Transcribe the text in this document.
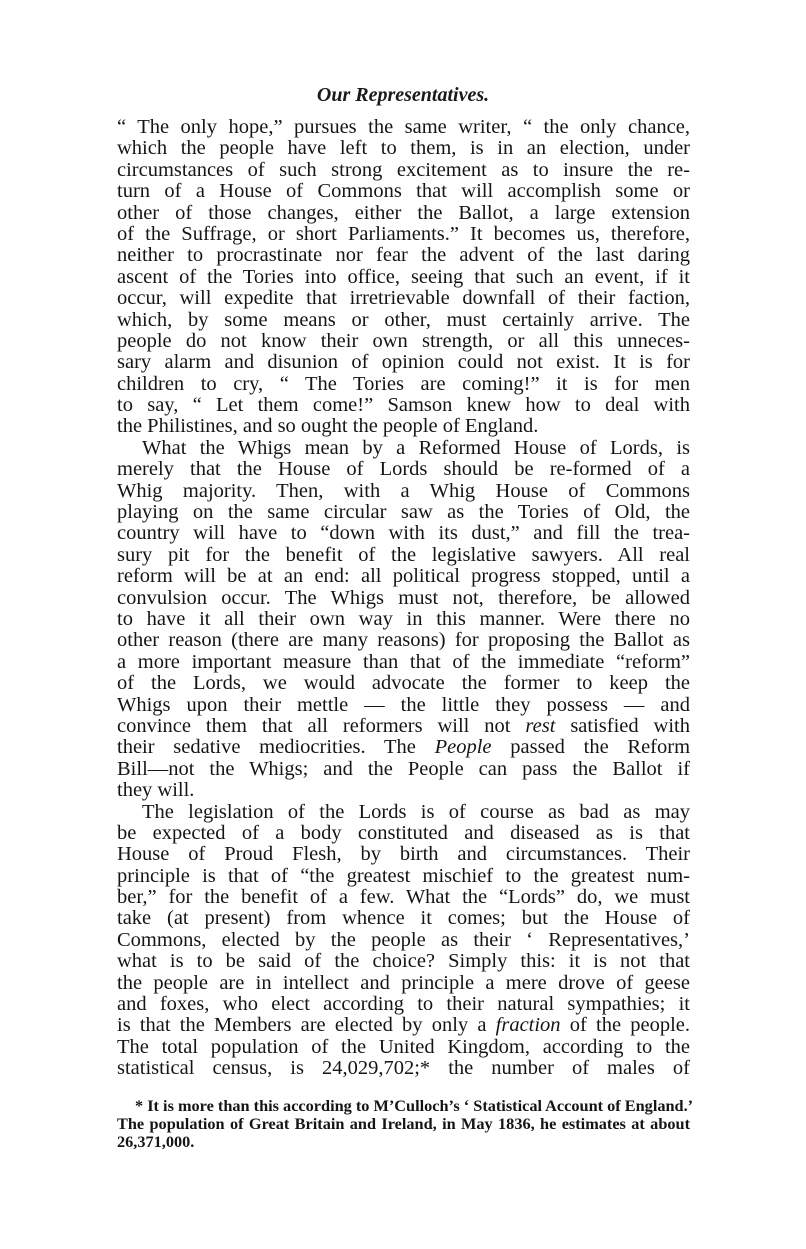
Our Representatives.
“ The only hope,” pursues the same writer, “ the only chance,
which the people have left to them, is in an election, under
circumstances of such strong excitement as to insure the re-
turn of a House of Commons that will accomplish some or
other of those changes, either the Ballot, a large extension
of the Suffrage, or short Parliaments.” It becomes us, therefore,
neither to procrastinate nor fear the advent of the last daring
ascent of the Tories into office, seeing that such an event, if it
occur, will expedite that irretrievable downfall of their faction,
which, by some means or other, must certainly arrive. The
people do not know their own strength, or all this unneces-
sary alarm and disunion of opinion could not exist. It is for
children to cry, “ The Tories are coming!” it is for men
to say, “ Let them come!” Samson knew how to deal with
the Philistines, and so ought the people of England.
What the Whigs mean by a Reformed House of Lords, is
merely that the House of Lords should be re-formed of a
Whig majority. Then, with a Whig House of Commons
playing on the same circular saw as the Tories of Old, the
country will have to “down with its dust,” and fill the trea-
sury pit for the benefit of the legislative sawyers. All real
reform will be at an end: all political progress stopped, until a
convulsion occur. The Whigs must not, therefore, be allowed
to have it all their own way in this manner. Were there no
other reason (there are many reasons) for proposing the Ballot as
a more important measure than that of the immediate “reform”
of the Lords, we would advocate the former to keep the
Whigs upon their mettle — the little they possess — and
convince them that all reformers will not rest satisfied with
their sedative mediocrities. The People passed the Reform
Bill—not the Whigs; and the People can pass the Ballot if
they will.
The legislation of the Lords is of course as bad as may
be expected of a body constituted and diseased as is that
House of Proud Flesh, by birth and circumstances. Their
principle is that of “the greatest mischief to the greatest num-
ber,” for the benefit of a few. What the “Lords” do, we must
take (at present) from whence it comes; but the House of
Commons, elected by the people as their ‘ Representatives,’
what is to be said of the choice? Simply this: it is not that
the people are in intellect and principle a mere drove of geese
and foxes, who elect according to their natural sympathies; it
is that the Members are elected by only a fraction of the people.
The total population of the United Kingdom, according to the
statistical census, is 24,029,702;* the number of males of
* It is more than this according to M’Culloch’s ‘ Statistical Account of England.’
The population of Great Britain and Ireland, in May 1836, he estimates at about
26,371,000.
